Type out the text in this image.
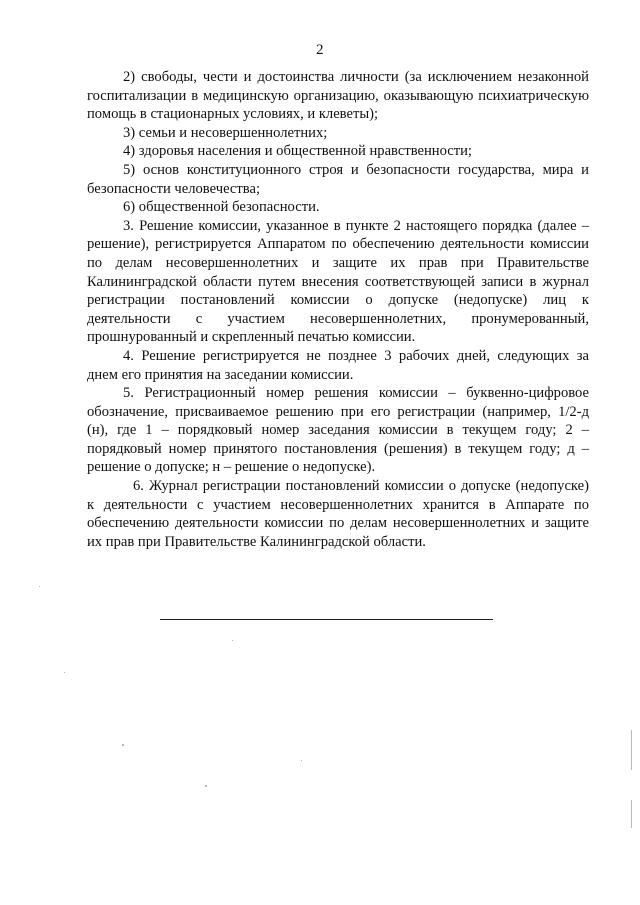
2

2) свободы, чести и достоинства личности (за исключением незаконной госпитализации в медицинскую организацию, оказывающую психиатрическую помощь в стационарных условиях, и клеветы);

3) семьи и несовершеннолетних;

4) здоровья населения и общественной нравственности;

5) основ конституционного строя и безопасности государства, мира и безопасности человечества;

6) общественной безопасности.

3. Решение комиссии, указанное в пункте 2 настоящего порядка (далее – решение), регистрируется Аппаратом по обеспечению деятельности комиссии по делам несовершеннолетних и защите их прав при Правительстве Калининградской области путем внесения соответствующей записи в журнал регистрации постановлений комиссии о допуске (недопуске) лиц к деятельности с участием несовершеннолетних, пронумерованный, прошнурованный и скрепленный печатью комиссии.

4. Решение регистрируется не позднее 3 рабочих дней, следующих за днем его принятия на заседании комиссии.

5. Регистрационный номер решения комиссии – буквенно-цифровое обозначение, присваиваемое решению при его регистрации (например, 1/2-д (н), где 1 – порядковый номер заседания комиссии в текущем году; 2 – порядковый номер принятого постановления (решения) в текущем году; д – решение о допуске; н – решение о недопуске).

6. Журнал регистрации постановлений комиссии о допуске (недопуске) к деятельности с участием несовершеннолетних хранится в Аппарате по обеспечению деятельности комиссии по делам несовершеннолетних и защите их прав при Правительстве Калининградской области.
